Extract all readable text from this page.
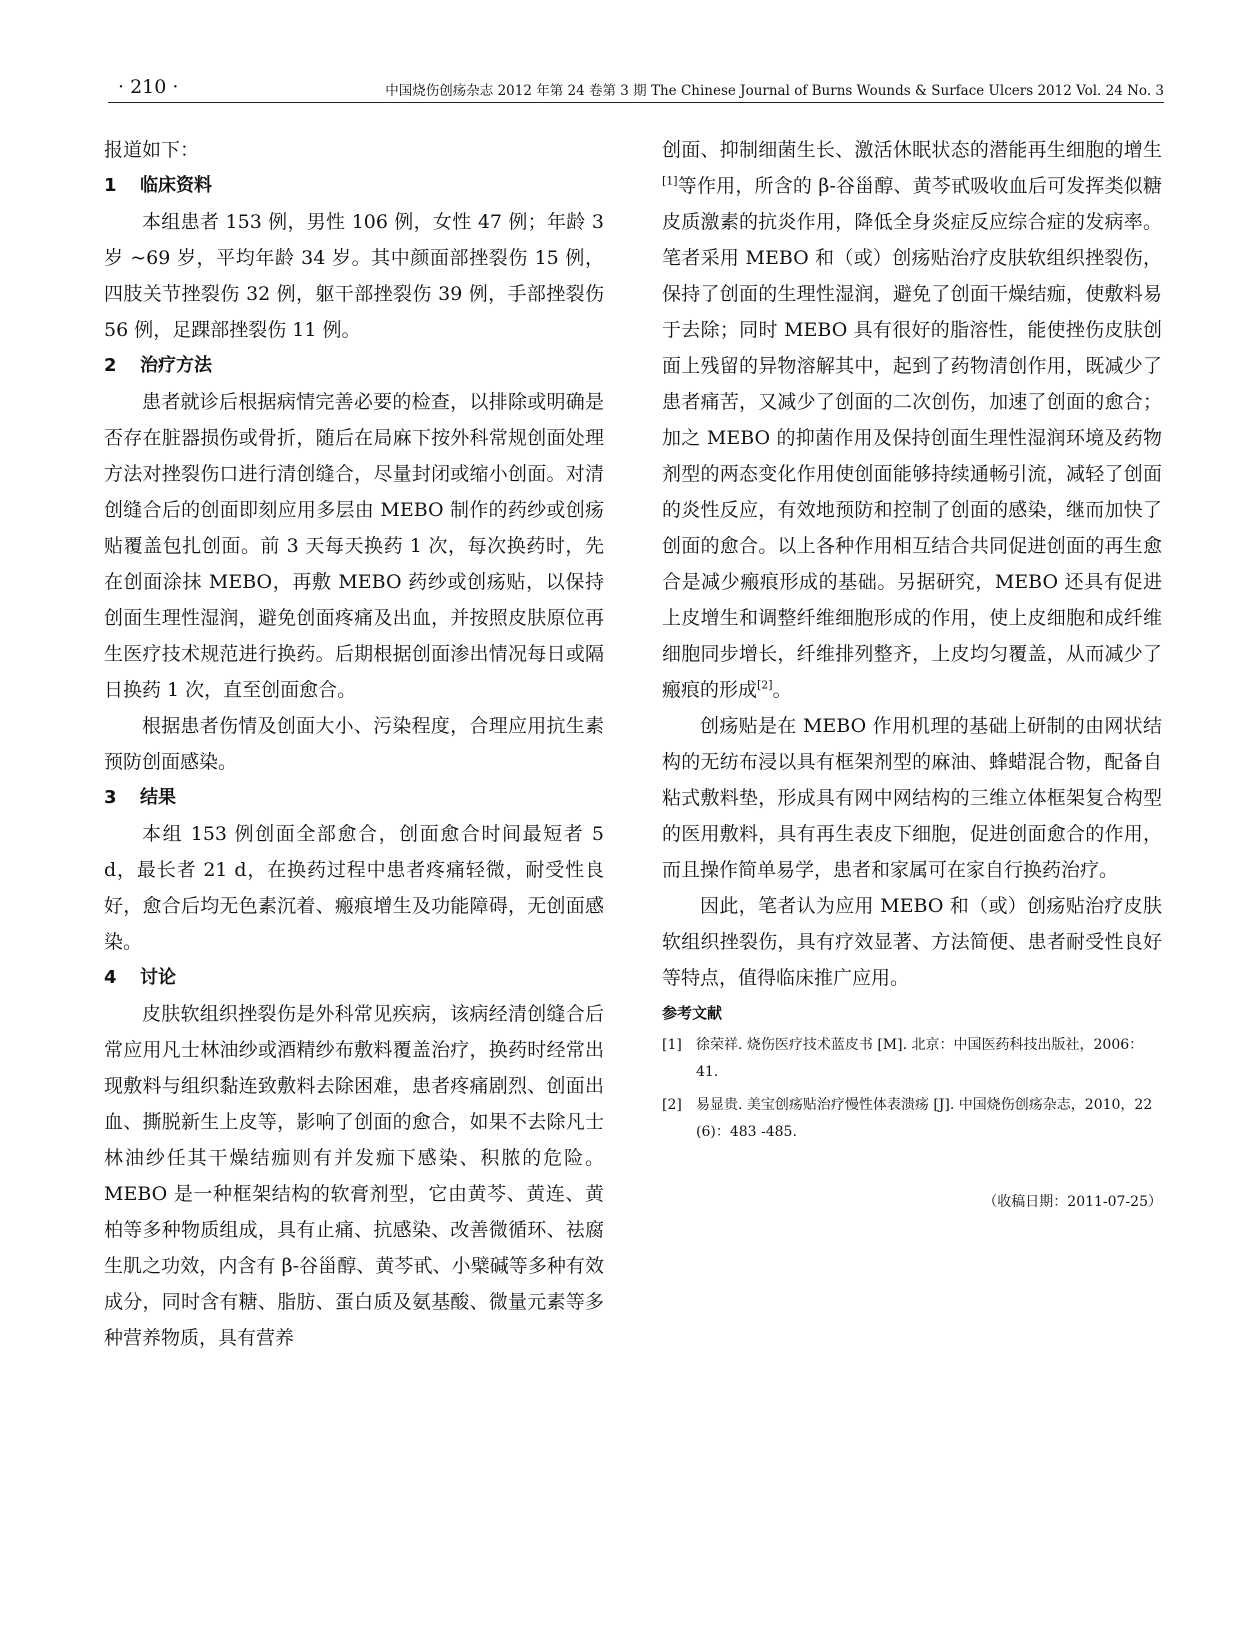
· 210 ·	中国烧伤创疡杂志 2012 年第 24 卷第 3 期 The Chinese Journal of Burns Wounds & Surface Ulcers 2012 Vol. 24 No. 3

报道如下：

1 临床资料

本组患者 153 例，男性 106 例，女性 47 例；年龄 3 岁 ~69 岁，平均年龄 34 岁。其中颜面部挫裂伤 15 例，四肢关节挫裂伤 32 例，躯干部挫裂伤 39 例，手部挫裂伤 56 例，足踝部挫裂伤 11 例。

2 治疗方法

患者就诊后根据病情完善必要的检查，以排除或明确是否存在脏器损伤或骨折，随后在局麻下按外科常规创面处理方法对挫裂伤口进行清创缝合，尽量封闭或缩小创面。对清创缝合后的创面即刻应用多层由 MEBO 制作的药纱或创疡贴覆盖包扎创面。前 3 天每天换药 1 次，每次换药时，先在创面涂抹 MEBO，再敷 MEBO 药纱或创疡贴，以保持创面生理性湿润，避免创面疼痛及出血，并按照皮肤原位再生医疗技术规范进行换药。后期根据创面渗出情况每日或隔日换药 1 次，直至创面愈合。

根据患者伤情及创面大小、污染程度，合理应用抗生素预防创面感染。

3 结果

本组 153 例创面全部愈合，创面愈合时间最短者 5 d，最长者 21 d，在换药过程中患者疼痛轻微，耐受性良好，愈合后均无色素沉着、瘢痕增生及功能障碍，无创面感染。

4 讨论

皮肤软组织挫裂伤是外科常见疾病，该病经清创缝合后常应用凡士林油纱或酒精纱布敷料覆盖治疗，换药时经常出现敷料与组织黏连致敷料去除困难，患者疼痛剧烈、创面出血、撕脱新生上皮等，影响了创面的愈合，如果不去除凡士林油纱任其干燥结痂则有并发痂下感染、积脓的危险。MEBO 是一种框架结构的软膏剂型，它由黄芩、黄连、黄柏等多种物质组成，具有止痛、抗感染、改善微循环、祛腐生肌之功效，内含有 β-谷甾醇、黄芩甙、小檗碱等多种有效成分，同时含有糖、脂肪、蛋白质及氨基酸、微量元素等多种营养物质，具有营养

创面、抑制细菌生长、激活休眠状态的潜能再生细胞的增生[1]等作用，所含的 β-谷甾醇、黄芩甙吸收血后可发挥类似糖皮质激素的抗炎作用，降低全身炎症反应综合症的发病率。笔者采用 MEBO 和（或）创疡贴治疗皮肤软组织挫裂伤，保持了创面的生理性湿润，避免了创面干燥结痂，使敷料易于去除；同时 MEBO 具有很好的脂溶性，能使挫伤皮肤创面上残留的异物溶解其中，起到了药物清创作用，既减少了患者痛苦，又减少了创面的二次创伤，加速了创面的愈合；加之 MEBO 的抑菌作用及保持创面生理性湿润环境及药物剂型的两态变化作用使创面能够持续通畅引流，减轻了创面的炎性反应，有效地预防和控制了创面的感染，继而加快了创面的愈合。以上各种作用相互结合共同促进创面的再生愈合是减少瘢痕形成的基础。另据研究，MEBO 还具有促进上皮增生和调整纤维细胞形成的作用，使上皮细胞和成纤维细胞同步增长，纤维排列整齐，上皮均匀覆盖，从而减少了瘢痕的形成[2]。

创疡贴是在 MEBO 作用机理的基础上研制的由网状结构的无纺布浸以具有框架剂型的麻油、蜂蜡混合物，配备自粘式敷料垫，形成具有网中网结构的三维立体框架复合构型的医用敷料，具有再生表皮下细胞，促进创面愈合的作用，而且操作简单易学，患者和家属可在家自行换药治疗。

因此，笔者认为应用 MEBO 和（或）创疡贴治疗皮肤软组织挫裂伤，具有疗效显著、方法简便、患者耐受性良好等特点，值得临床推广应用。

参考文献
[1]	徐荣祥. 烧伤医疗技术蓝皮书 [M]. 北京：中国医药科技出版社，2006：41.
[2]	易显贵. 美宝创疡贴治疗慢性体表溃疡 [J]. 中国烧伤创疡杂志，2010，22 (6)：483 -485.
（收稿日期：2011-07-25）
